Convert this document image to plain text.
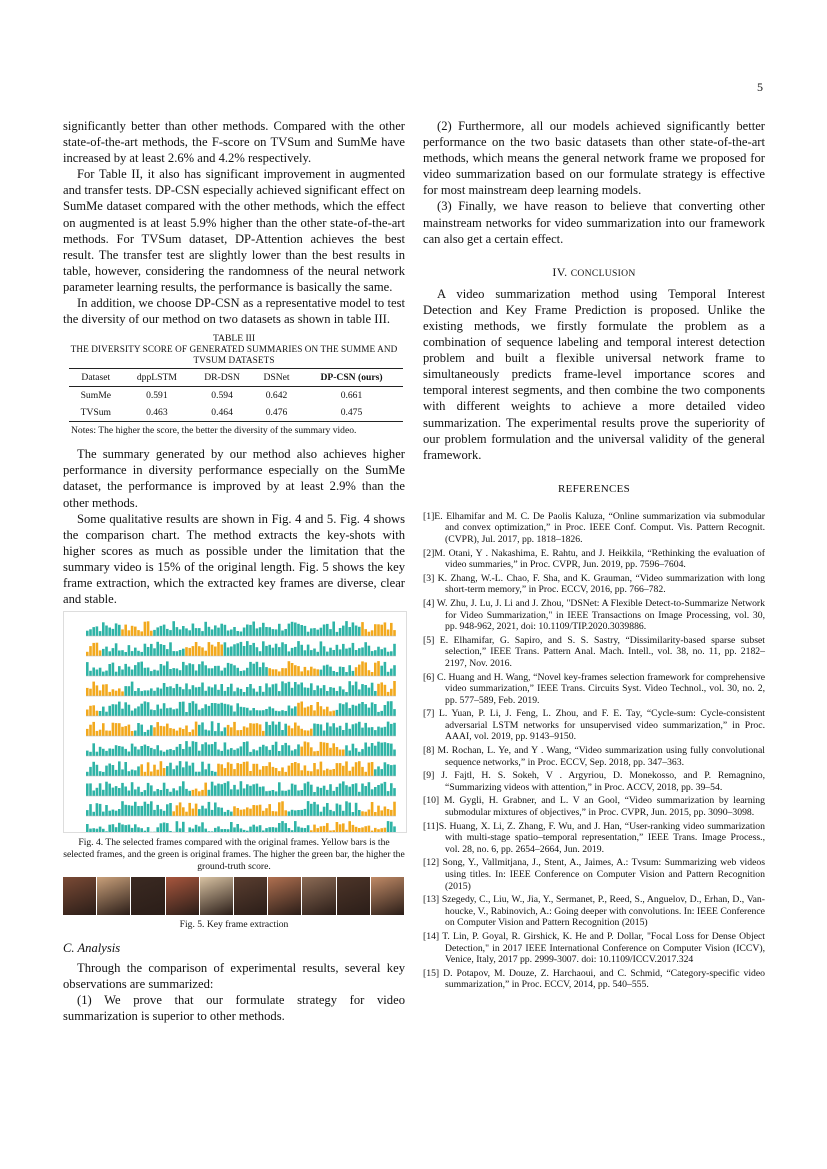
5

significantly better than other methods. Compared with the other state-of-the-art methods, the F-score on TVSum and SumMe have increased by at least 2.6% and 4.2% respectively.

For Table II, it also has significant improvement in augmented and transfer tests. DP-CSN especially achieved significant effect on SumMe dataset compared with the other methods, which the effect on augmented is at least 5.9% higher than the other state-of-the-art methods. For TVSum dataset, DP-Attention achieves the best result. The transfer test are slightly lower than the best results in table, however, considering the randomness of the neural network parameter learning results, the performance is basically the same.

In addition, we choose DP-CSN as a representative model to test the diversity of our method on two datasets as shown in table III.

TABLE III
THE DIVERSITY SCORE OF GENERATED SUMMARIES ON THE SUMME AND TVSUM DATASETS
Dataset	dppLSTM	DR-DSN	DSNet	DP-CSN (ours)
SumMe	0.591	0.594	0.642	0.661
TVSum	0.463	0.464	0.476	0.475
Notes: The higher the score, the better the diversity of the summary video.

The summary generated by our method also achieves higher performance in diversity performance especially on the SumMe dataset, the performance is improved by at least 2.9% than the other methods.

Some qualitative results are shown in Fig. 4 and 5. Fig. 4 shows the comparison chart. The method extracts the key-shots with higher scores as much as possible under the limitation that the summary video is 15% of the original length. Fig. 5 shows the key frame extraction, which the extracted key frames are diverse, clear and stable.

Fig. 4. The selected frames compared with the original frames. Yellow bars is the selected frames, and the green is original frames. The higher the green bar, the higher the ground-truth score.
Fig. 5. Key frame extraction
C. Analysis

Through the comparison of experimental results, several key observations are summarized:

(1) We prove that our formulate strategy for video summarization is superior to other methods.

(2) Furthermore, all our models achieved significantly better performance on the two basic datasets than other state-of-the-art methods, which means the general network frame we proposed for video summarization based on our formulate strategy is effective for most mainstream deep learning models.

(3) Finally, we have reason to believe that converting other mainstream networks for video summarization into our framework can also get a certain effect.

IV. CONCLUSION

A video summarization method using Temporal Interest Detection and Key Frame Prediction is proposed. Unlike the existing methods, we firstly formulate the problem as a combination of sequence labeling and temporal interest detection problem and built a flexible universal network frame to simultaneously predicts frame-level importance scores and temporal interest segments, and then combine the two components with different weights to achieve a more detailed video summarization. The experimental results prove the superiority of our problem formulation and the universal validity of the general framework.

REFERENCES
[1]E. Elhamifar and M. C. De Paolis Kaluza, “Online summarization via submodular and convex optimization,” in Proc. IEEE Conf. Comput. Vis. Pattern Recognit. (CVPR), Jul. 2017, pp. 1818–1826.
[2]M. Otani, Y . Nakashima, E. Rahtu, and J. Heikkila, “Rethinking the evaluation of video summaries,” in Proc. CVPR, Jun. 2019, pp. 7596–7604.
[3] K. Zhang, W.-L. Chao, F. Sha, and K. Grauman, “Video summarization with long short-term memory,” in Proc. ECCV, 2016, pp. 766–782.
[4] W. Zhu, J. Lu, J. Li and J. Zhou, "DSNet: A Flexible Detect-to-Summarize Network for Video Summarization," in IEEE Transactions on Image Processing, vol. 30, pp. 948-962, 2021, doi: 10.1109/TIP.2020.3039886.
[5] E. Elhamifar, G. Sapiro, and S. S. Sastry, “Dissimilarity-based sparse subset selection,” IEEE Trans. Pattern Anal. Mach. Intell., vol. 38, no. 11, pp. 2182–2197, Nov. 2016.
[6] C. Huang and H. Wang, “Novel key-frames selection framework for comprehensive video summarization,” IEEE Trans. Circuits Syst. Video Technol., vol. 30, no. 2, pp. 577–589, Feb. 2019.
[7] L. Yuan, P. Li, J. Feng, L. Zhou, and F. E. Tay, “Cycle-sum: Cycle-consistent adversarial LSTM networks for unsupervised video summarization,” in Proc. AAAI, vol. 2019, pp. 9143–9150.
[8] M. Rochan, L. Ye, and Y . Wang, “Video summarization using fully convolutional sequence networks,” in Proc. ECCV, Sep. 2018, pp. 347–363.
[9] J. Fajtl, H. S. Sokeh, V . Argyriou, D. Monekosso, and P. Remagnino, “Summarizing videos with attention,” in Proc. ACCV, 2018, pp. 39–54.
[10] M. Gygli, H. Grabner, and L. V an Gool, “Video summarization by learning submodular mixtures of objectives,” in Proc. CVPR, Jun. 2015, pp. 3090–3098.
[11]S. Huang, X. Li, Z. Zhang, F. Wu, and J. Han, “User-ranking video summarization with multi-stage spatio–temporal representation,” IEEE Trans. Image Process., vol. 28, no. 6, pp. 2654–2664, Jun. 2019.
[12] Song, Y., Vallmitjana, J., Stent, A., Jaimes, A.: Tvsum: Summarizing web videos using titles. In: IEEE Conference on Computer Vision and Pattern Recognition (2015)
[13] Szegedy, C., Liu, W., Jia, Y., Sermanet, P., Reed, S., Anguelov, D., Erhan, D., Van-houcke, V., Rabinovich, A.: Going deeper with convolutions. In: IEEE Conference on Computer Vision and Pattern Recognition (2015)
[14] T. Lin, P. Goyal, R. Girshick, K. He and P. Dollar, "Focal Loss for Dense Object Detection," in 2017 IEEE International Conference on Computer Vision (ICCV), Venice, Italy, 2017 pp. 2999-3007. doi: 10.1109/ICCV.2017.324
[15] D. Potapov, M. Douze, Z. Harchaoui, and C. Schmid, “Category-specific video summarization,” in Proc. ECCV, 2014, pp. 540–555.
